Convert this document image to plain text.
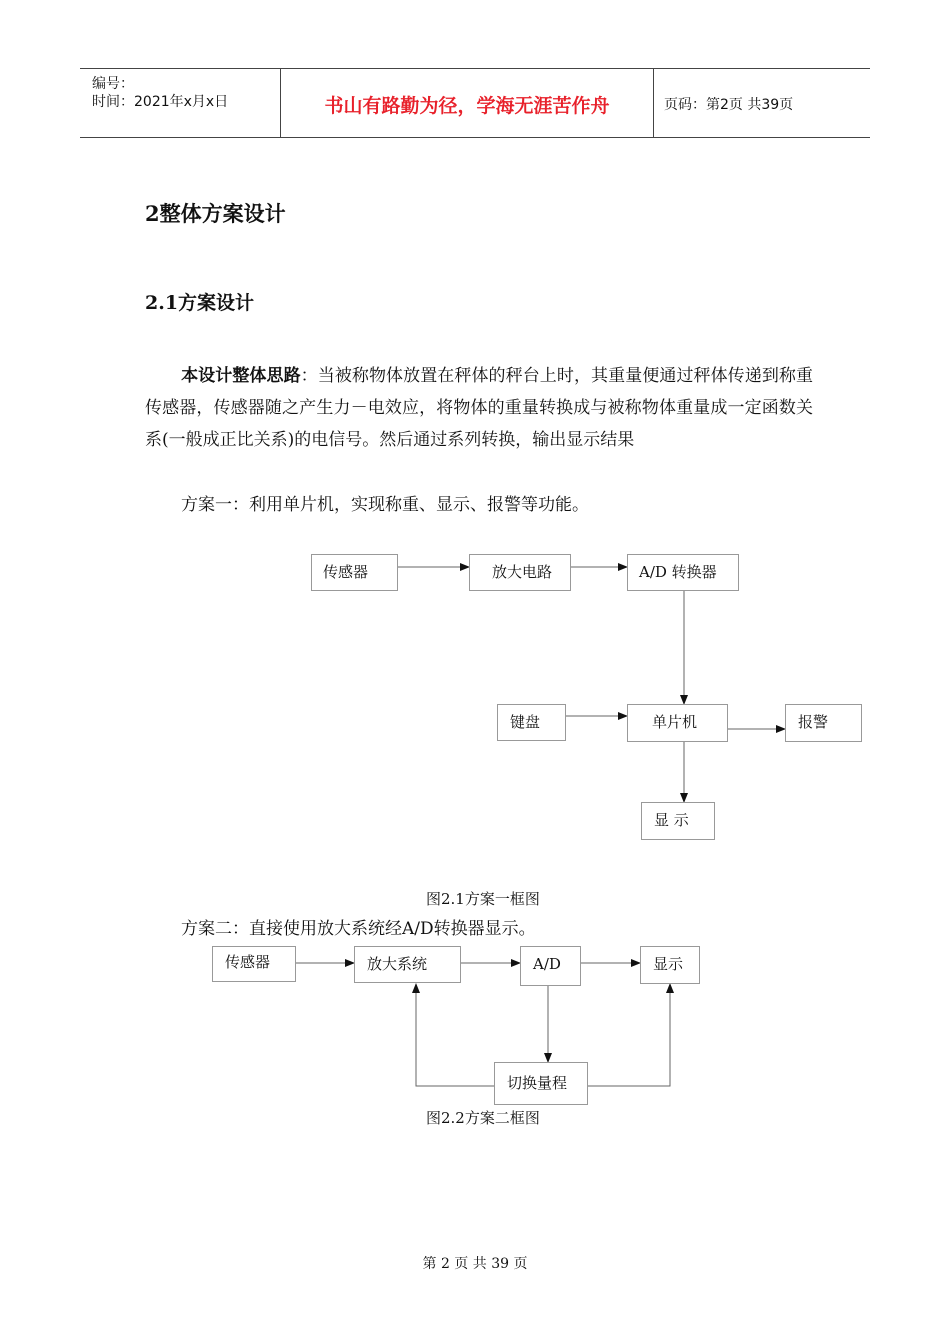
编号：
时间：2021年x月x日	书山有路勤为径，学海无涯苦作舟	页码：第2页 共39页
2整体方案设计
2.1方案设计
本设计整体思路：当被称物体放置在秤体的秤台上时，其重量便通过秤体传递到称重传感器，传感器随之产生力－电效应，将物体的重量转换成与被称物体重量成一定函数关系(一般成正比关系)的电信号。然后通过系列转换，输出显示结果
方案一：利用单片机，实现称重、显示、报警等功能。
传感器	放大电路	A/D 转换器
键盘	单片机	报警
显 示
图2.1方案一框图
方案二：直接使用放大系统经A/D转换器显示。
传感器	放大系统	A/D	显示
切换量程
图2.2方案二框图
第 2 页 共 39 页
